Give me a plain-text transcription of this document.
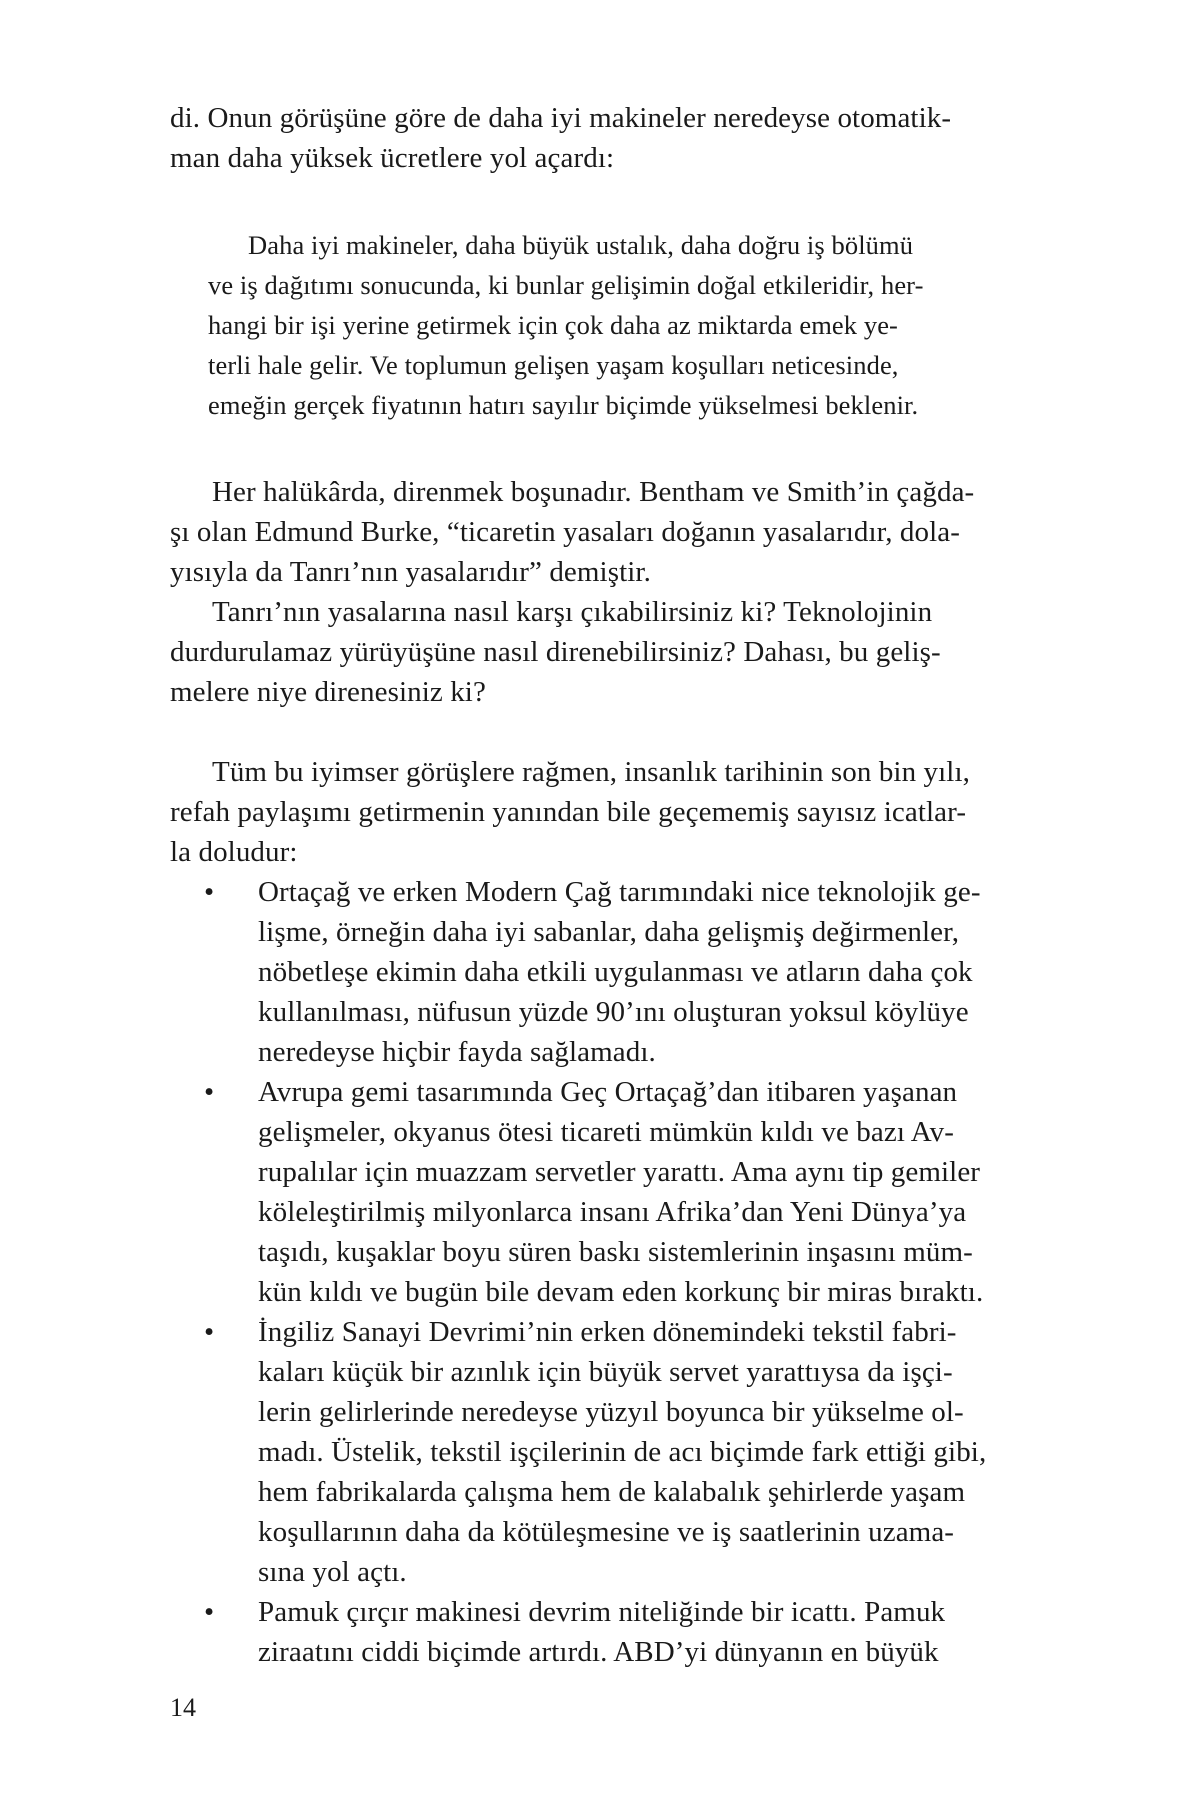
di. Onun görüşüne göre de daha iyi makineler neredeyse otomatik-
man daha yüksek ücretlere yol açardı:
Daha iyi makineler, daha büyük ustalık, daha doğru iş bölümü
ve iş dağıtımı sonucunda, ki bunlar gelişimin doğal etkileridir, her-
hangi bir işi yerine getirmek için çok daha az miktarda emek ye-
terli hale gelir. Ve toplumun gelişen yaşam koşulları neticesinde,
emeğin gerçek fiyatının hatırı sayılır biçimde yükselmesi beklenir.
Her halükârda, direnmek boşunadır. Bentham ve Smith’in çağda-
şı olan Edmund Burke, “ticaretin yasaları doğanın yasalarıdır, dola-
yısıyla da Tanrı’nın yasalarıdır” demiştir.
Tanrı’nın yasalarına nasıl karşı çıkabilirsiniz ki? Teknolojinin
durdurulamaz yürüyüşüne nasıl direnebilirsiniz? Dahası, bu geliş-
melere niye direnesiniz ki?
Tüm bu iyimser görüşlere rağmen, insanlık tarihinin son bin yılı,
refah paylaşımı getirmenin yanından bile geçememiş sayısız icatlar-
la doludur:
• Ortaçağ ve erken Modern Çağ tarımındaki nice teknolojik ge-
lişme, örneğin daha iyi sabanlar, daha gelişmiş değirmenler,
nöbetleşe ekimin daha etkili uygulanması ve atların daha çok
kullanılması, nüfusun yüzde 90’ını oluşturan yoksul köylüye
neredeyse hiçbir fayda sağlamadı.
• Avrupa gemi tasarımında Geç Ortaçağ’dan itibaren yaşanan
gelişmeler, okyanus ötesi ticareti mümkün kıldı ve bazı Av-
rupalılar için muazzam servetler yarattı. Ama aynı tip gemiler
köleleştirilmiş milyonlarca insanı Afrika’dan Yeni Dünya’ya
taşıdı, kuşaklar boyu süren baskı sistemlerinin inşasını müm-
kün kıldı ve bugün bile devam eden korkunç bir miras bıraktı.
• İngiliz Sanayi Devrimi’nin erken dönemindeki tekstil fabri-
kaları küçük bir azınlık için büyük servet yarattıysa da işçi-
lerin gelirlerinde neredeyse yüzyıl boyunca bir yükselme ol-
madı. Üstelik, tekstil işçilerinin de acı biçimde fark ettiği gibi,
hem fabrikalarda çalışma hem de kalabalık şehirlerde yaşam
koşullarının daha da kötüleşmesine ve iş saatlerinin uzama-
sına yol açtı.
• Pamuk çırçır makinesi devrim niteliğinde bir icattı. Pamuk
ziraatını ciddi biçimde artırdı. ABD’yi dünyanın en büyük
14
